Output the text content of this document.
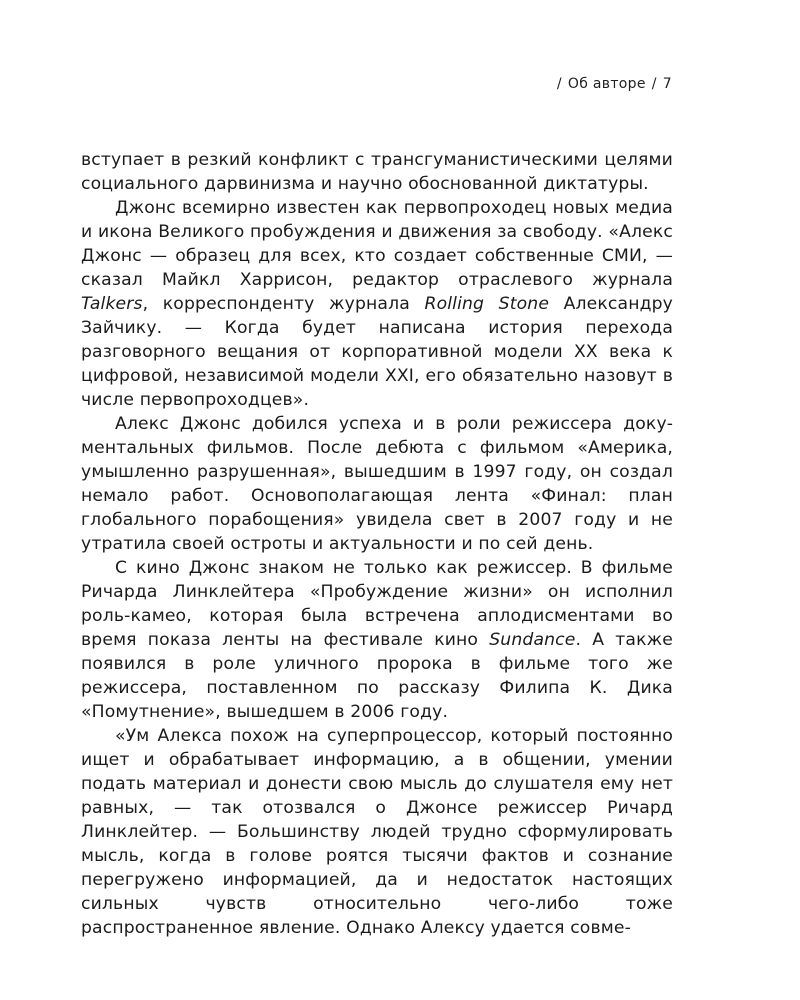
/ Об авторе / 7

вступает в резкий конфликт с трансгуманистическими целями социального дарвинизма и научно обоснованной диктатуры.

Джонс всемирно известен как первопроходец новых медиа и икона Великого пробуждения и движения за свободу. «Алекс Джонс — образец для всех, кто создает собственные СМИ, — сказал Майкл Харрисон, редактор отраслевого журнала Talkers, корреспонденту журнала Rolling Stone Александру Зайчику. — Когда будет написана история перехода разговорного вещания от корпоративной модели XX века к цифровой, независимой модели XXI, его обязательно назовут в числе первопроходцев».

Алекс Джонс добился успеха и в роли режиссера документальных фильмов. После дебюта с фильмом «Америка, умышленно разрушенная», вышедшим в 1997 году, он создал немало работ. Основополагающая лента «Финал: план глобального порабощения» увидела свет в 2007 году и не утратила своей остроты и актуальности и по сей день.

С кино Джонс знаком не только как режиссер. В фильме Ричарда Линклейтера «Пробуждение жизни» он исполнил роль-камео, которая была встречена аплодисментами во время показа ленты на фестивале кино Sundance. А также появился в роле уличного пророка в фильме того же режиссера, поставленном по рассказу Филипа К. Дика «Помутнение», вышедшем в 2006 году.

«Ум Алекса похож на суперпроцессор, который постоянно ищет и обрабатывает информацию, а в общении, умении подать материал и донести свою мысль до слушателя ему нет равных, — так отозвался о Джонсе режиссер Ричард Линклейтер. — Большинству людей трудно сформулировать мысль, когда в голове роятся тысячи фактов и сознание перегружено информацией, да и недостаток настоящих сильных чувств относительно чего-либо тоже распространенное явление. Однако Алексу удается совме-
